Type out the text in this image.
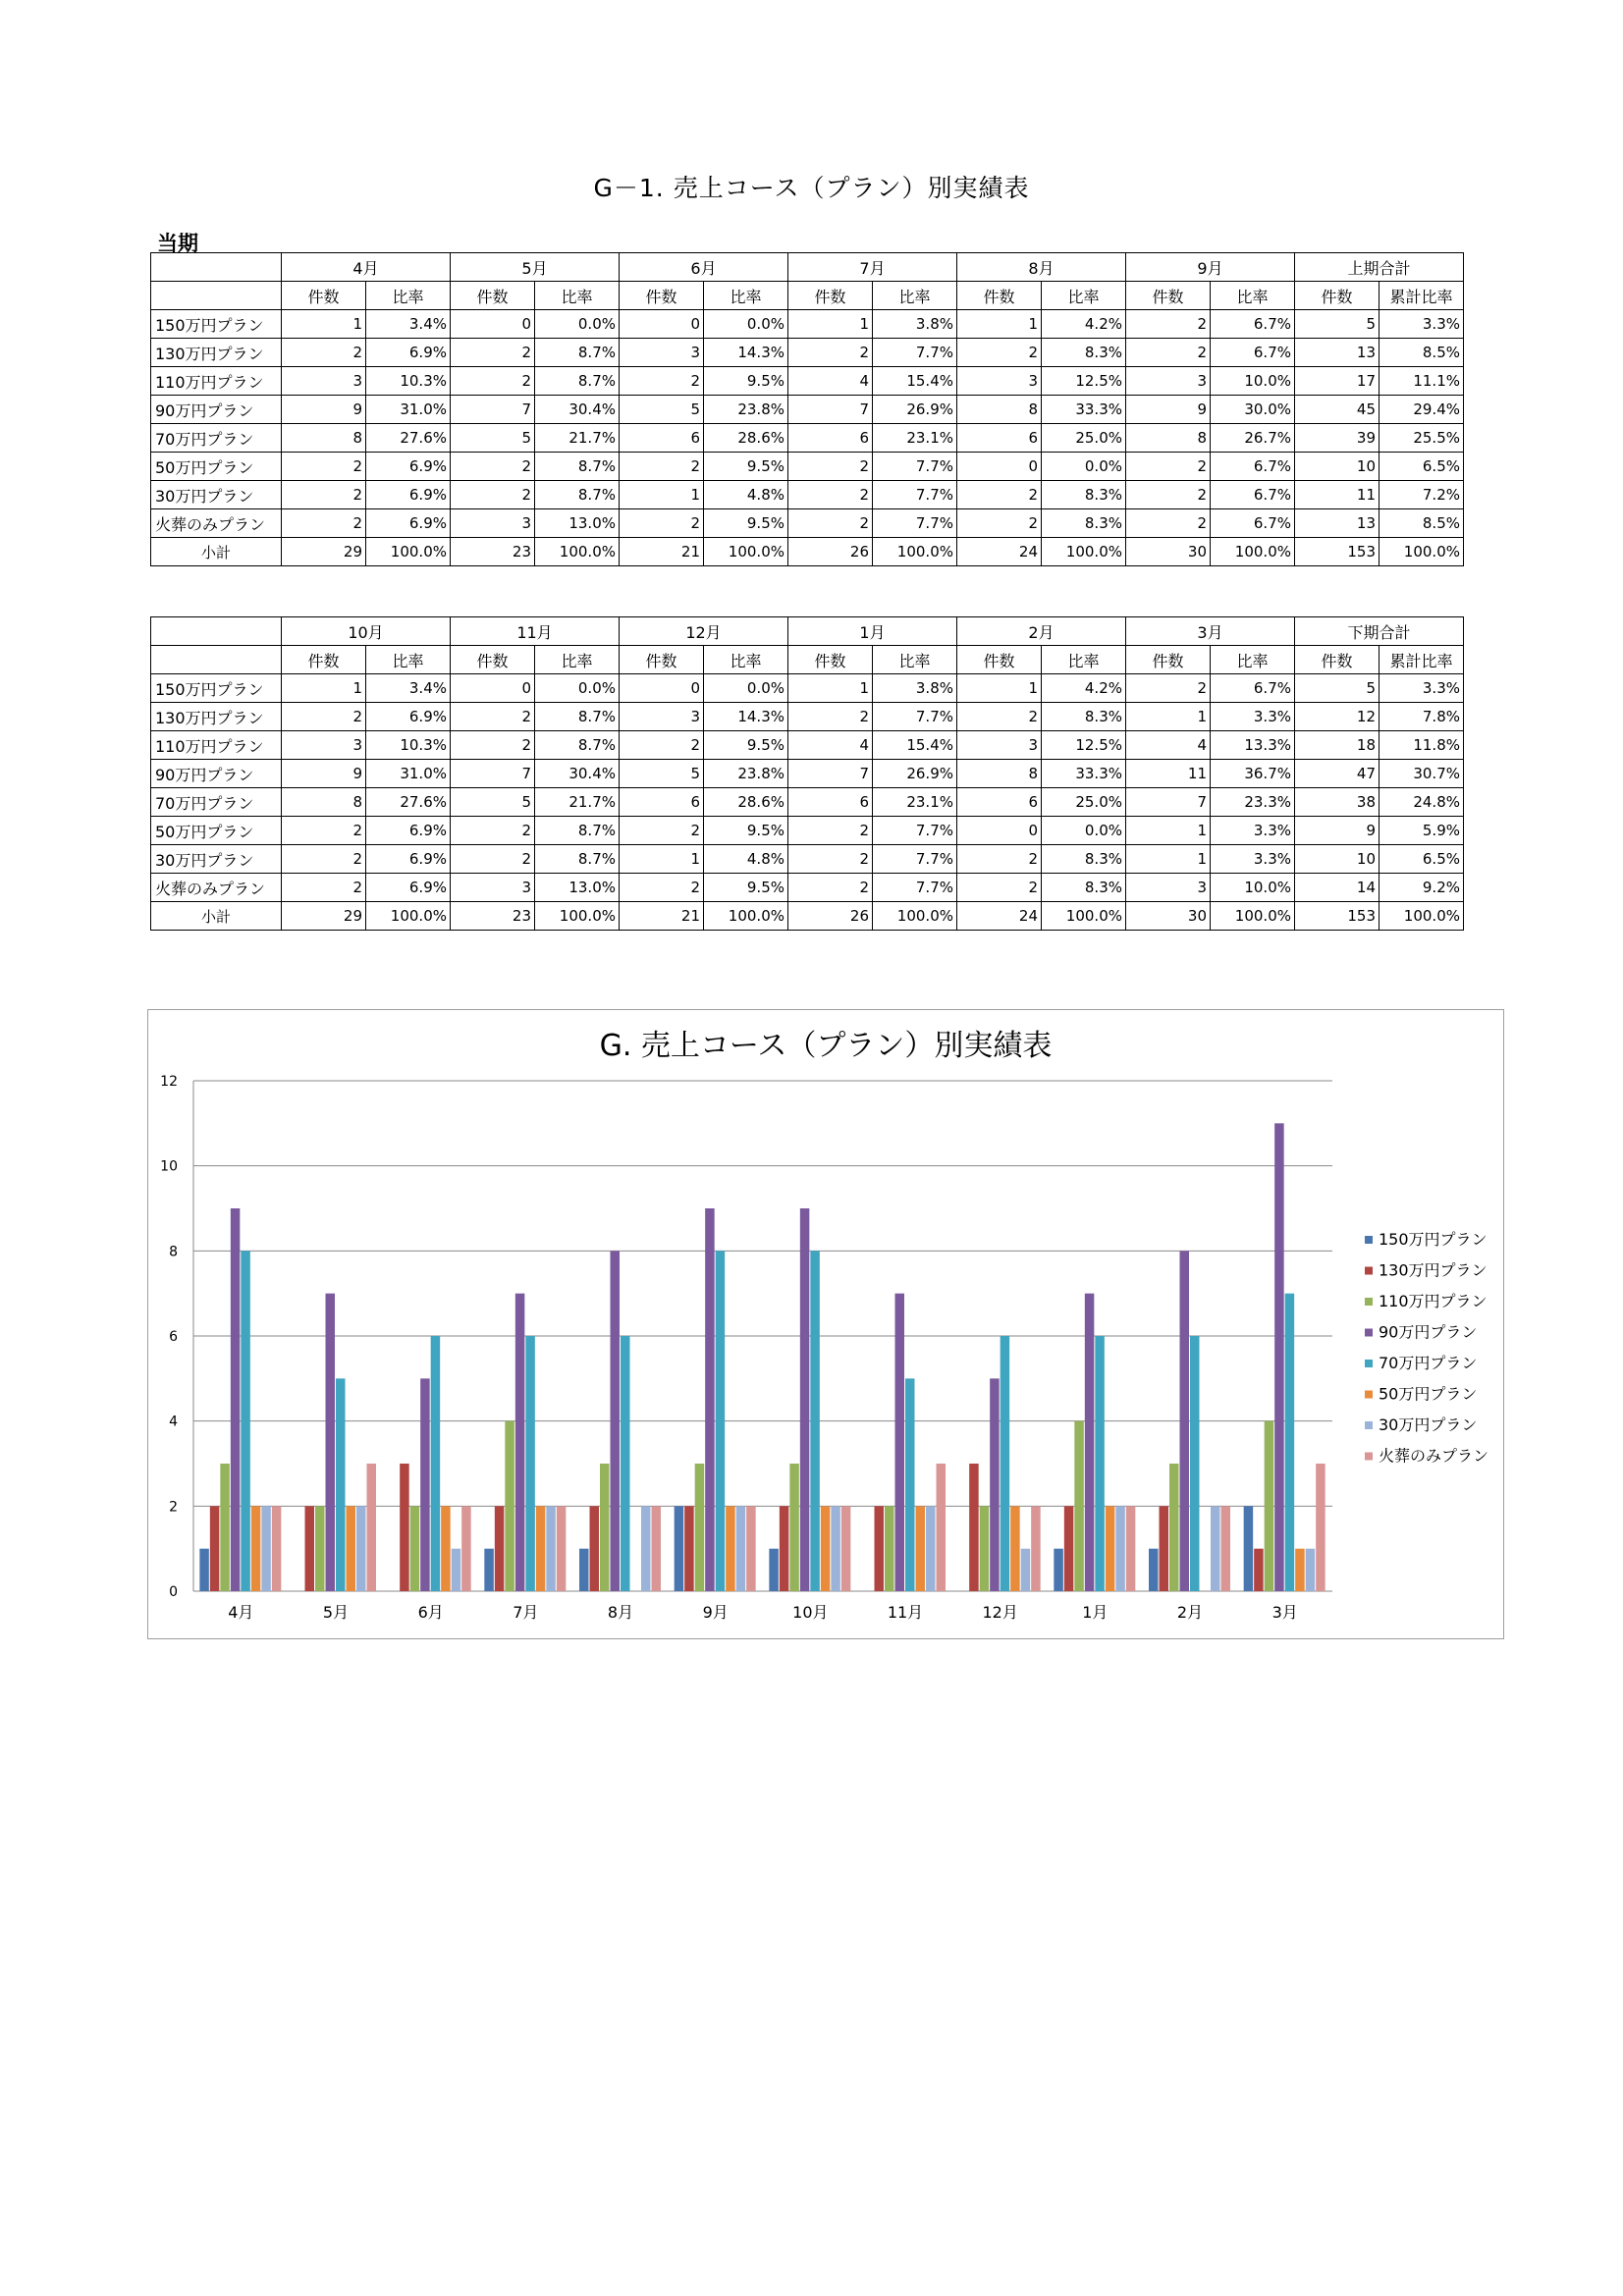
G－1. 売上コース（プラン）別実績表
当期
	4月		5月		6月		7月		8月		9月		上期合計	
	件数	比率	件数	比率	件数	比率	件数	比率	件数	比率	件数	比率	件数	累計比率
150万円プラン	1	3.4%	0	0.0%	0	0.0%	1	3.8%	1	4.2%	2	6.7%	5	3.3%
130万円プラン	2	6.9%	2	8.7%	3	14.3%	2	7.7%	2	8.3%	2	6.7%	13	8.5%
110万円プラン	3	10.3%	2	8.7%	2	9.5%	4	15.4%	3	12.5%	3	10.0%	17	11.1%
90万円プラン	9	31.0%	7	30.4%	5	23.8%	7	26.9%	8	33.3%	9	30.0%	45	29.4%
70万円プラン	8	27.6%	5	21.7%	6	28.6%	6	23.1%	6	25.0%	8	26.7%	39	25.5%
50万円プラン	2	6.9%	2	8.7%	2	9.5%	2	7.7%	0	0.0%	2	6.7%	10	6.5%
30万円プラン	2	6.9%	2	8.7%	1	4.8%	2	7.7%	2	8.3%	2	6.7%	11	7.2%
火葬のみプラン	2	6.9%	3	13.0%	2	9.5%	2	7.7%	2	8.3%	2	6.7%	13	8.5%
小計	29	100.0%	23	100.0%	21	100.0%	26	100.0%	24	100.0%	30	100.0%	153	100.0%
	10月		11月		12月		1月		2月		3月		下期合計	
	件数	比率	件数	比率	件数	比率	件数	比率	件数	比率	件数	比率	件数	累計比率
150万円プラン	1	3.4%	0	0.0%	0	0.0%	1	3.8%	1	4.2%	2	6.7%	5	3.3%
130万円プラン	2	6.9%	2	8.7%	3	14.3%	2	7.7%	2	8.3%	1	3.3%	12	7.8%
110万円プラン	3	10.3%	2	8.7%	2	9.5%	4	15.4%	3	12.5%	4	13.3%	18	11.8%
90万円プラン	9	31.0%	7	30.4%	5	23.8%	7	26.9%	8	33.3%	11	36.7%	47	30.7%
70万円プラン	8	27.6%	5	21.7%	6	28.6%	6	23.1%	6	25.0%	7	23.3%	38	24.8%
50万円プラン	2	6.9%	2	8.7%	2	9.5%	2	7.7%	0	0.0%	1	3.3%	9	5.9%
30万円プラン	2	6.9%	2	8.7%	1	4.8%	2	7.7%	2	8.3%	1	3.3%	10	6.5%
火葬のみプラン	2	6.9%	3	13.0%	2	9.5%	2	7.7%	2	8.3%	3	10.0%	14	9.2%
小計	29	100.0%	23	100.0%	21	100.0%	26	100.0%	24	100.0%	30	100.0%	153	100.0%
G. 売上コース（プラン）別実績表
0
2
4
6
8
10
12
4月	5月	6月	7月	8月	9月	10月	11月	12月	1月	2月	3月
150万円プラン
130万円プラン
110万円プラン
90万円プラン
70万円プラン
50万円プラン
30万円プラン
火葬のみプラン
